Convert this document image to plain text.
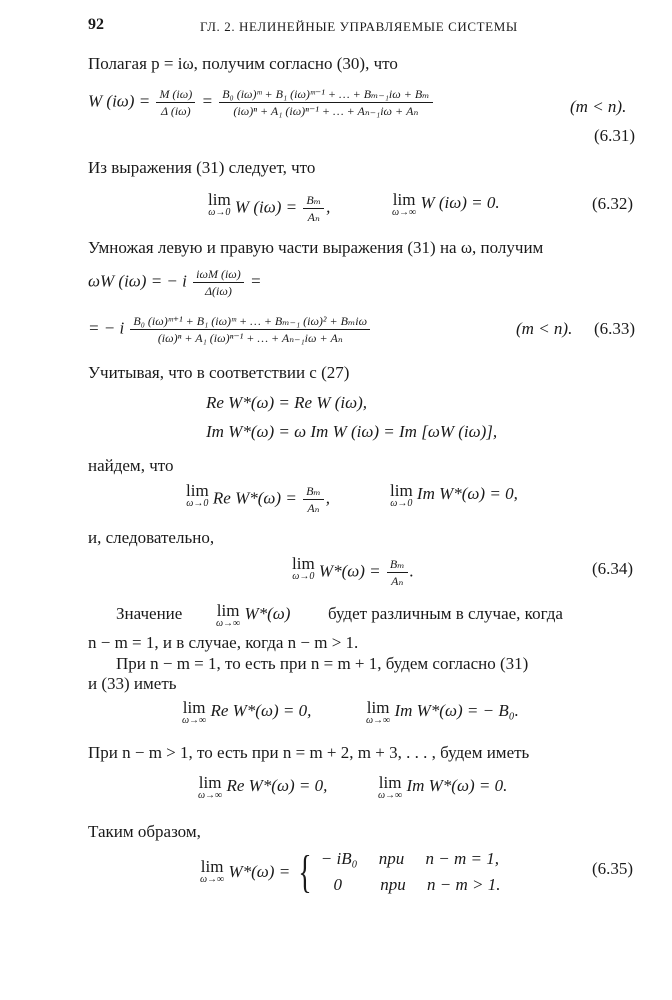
92	ГЛ. 2. НЕЛИНЕЙНЫЕ УПРАВЛЯЕМЫЕ СИСТЕМЫ
Полагая p = iω, получим согласно (30), что
W $(i\omega) = \frac{M (i\omega)}{\Delta (i\omega)} = \frac{\text{B₀ (iω)ᵐ + B₁ (iω)ᵐ⁻¹ + … + Bₘ₋₁iω + Bₘ}}{\text{(iω)ⁿ + A₁ (iω)ⁿ⁻¹ + … + Aₙ₋₁iω + Aₙ}}$	(m < n).
(6.31)
Из выражения (31) следует, что
lim
ω→0 W $(i\omega) = \frac{\text{Bₘ}}{\text{Aₙ}}$ ,	lim
ω→∞
W (iω) = 0.	(6.32)
Умножая левую и правую части выражения (31) на ω, получим
ωW (iω) = − i $\frac{\text{iωM (iω)}}{\Delta(i\omega)}$ =
= − i $\frac{\text{B₀ (iω)ᵐ⁺¹ + B₁ (iω)ᵐ + … + Bₘ₋₁ (iω)² + Bₘiω}}{\text{(iω)ⁿ + A₁ (iω)ⁿ⁻¹ + … + Aₙ₋₁iω + Aₙ}}$	(m < n). (6.33)
Учитывая, что в соответствии с (27)
Re W*(ω) = Re W (iω),
Im W*(ω) = ω Im W (iω) = Im [ωW (iω)],
найдем, что
lim
ω→0 Re $W*(\omega) = \frac{\text{Bₘ}}{\text{Aₙ}}$ ,	lim
ω→0
Im W*(ω) = 0,
и, следовательно,
lim
ω→0 $W*(\omega) = \frac{\text{Bₘ}}{\text{Aₙ}}$ .	(6.34)
Значение lim
ω→∞
W*(ω) будет различным в случае, когда
n − m = 1, и в случае, когда n − m > 1.
При n − m = 1, то есть при n = m + 1, будем согласно (31)
и (33) иметь
lim
ω→∞
Re W*(ω) = 0,	lim
ω→∞
Im W*(ω) = − B₀.
При n − m > 1, то есть при n = m + 2, m + 3, . . . , будем иметь
lim
ω→∞
Re W*(ω) = 0,	lim
ω→∞
Im W*(ω) = 0.
Таким образом,
lim
ω→∞ W*(ω) = { − iB₀     при     n − m = 1,
0         при     n − m > 1.
(6.35)
